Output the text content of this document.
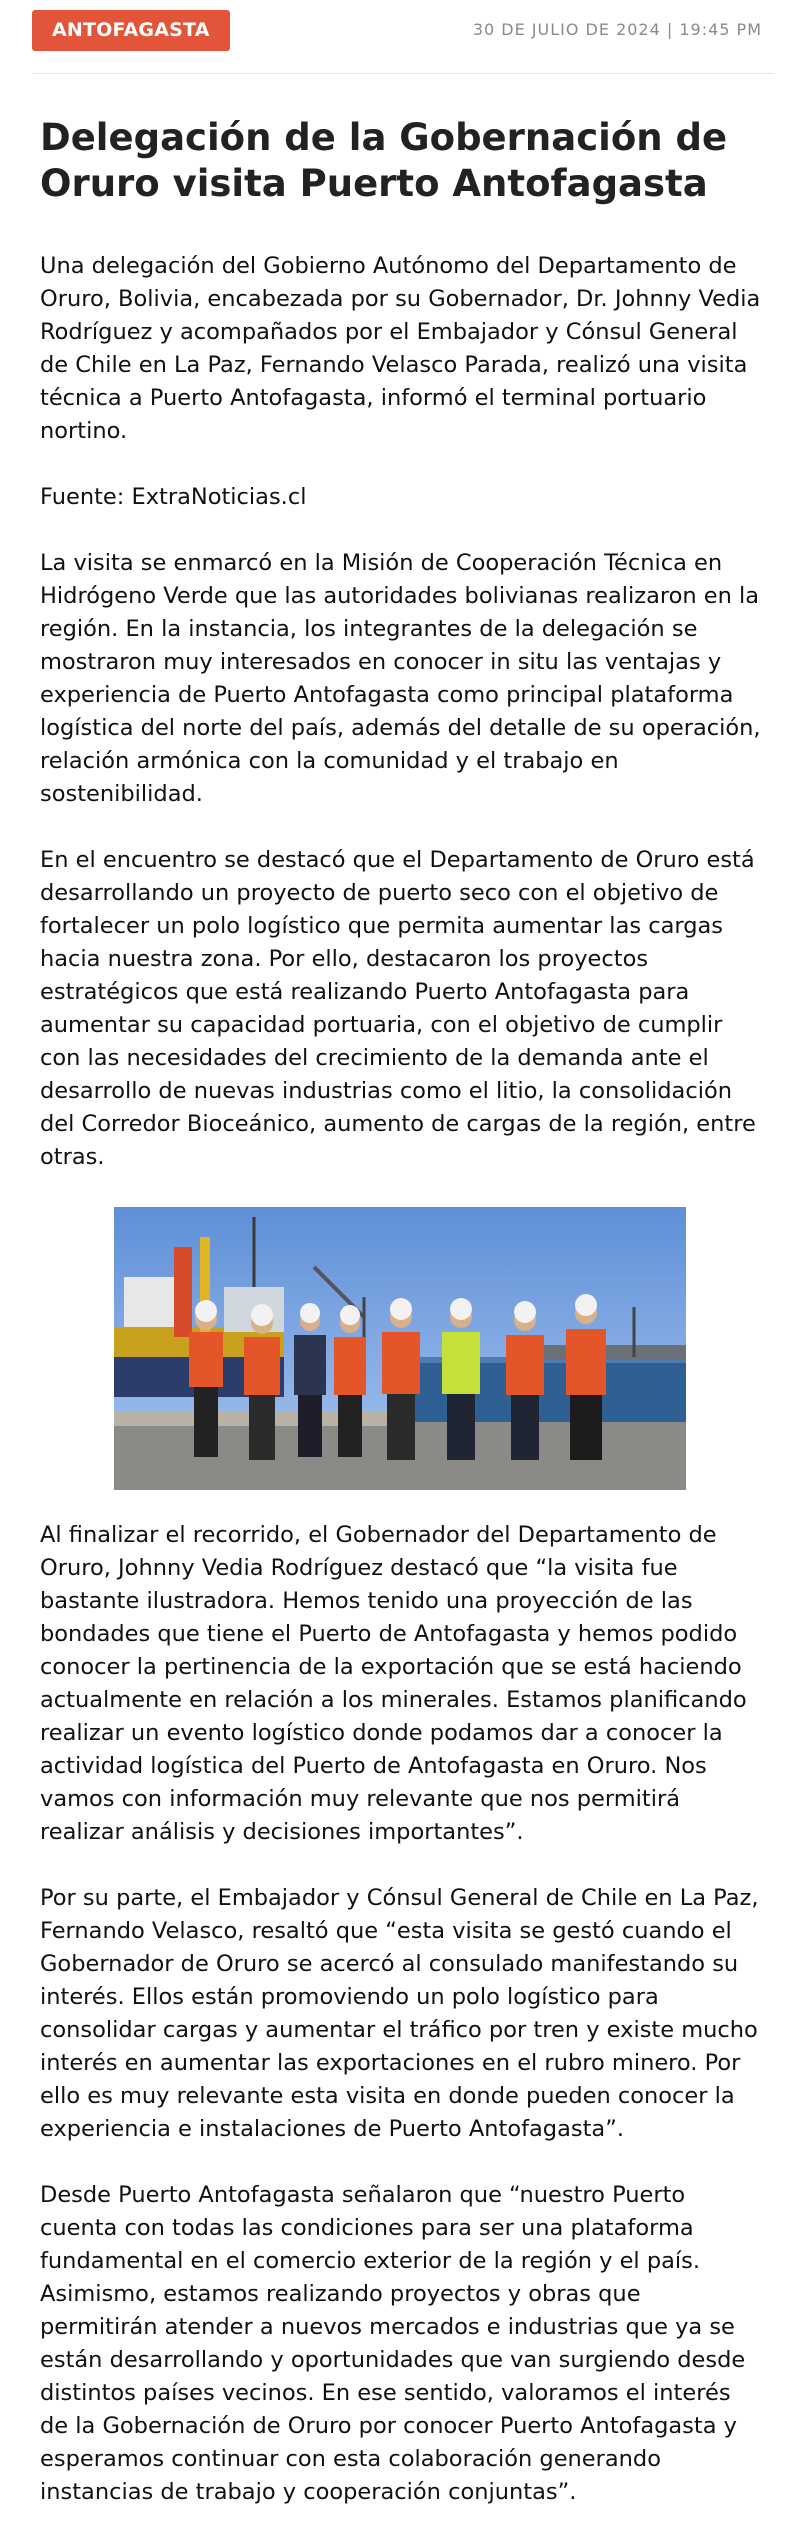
ANTOFAGASTA	30 DE JULIO DE 2024 | 19:45 PM
Delegación de la Gobernación de Oruro visita Puerto Antofagasta

Una delegación del Gobierno Autónomo del Departamento de Oruro, Bolivia, encabezada por su Gobernador, Dr. Johnny Vedia Rodríguez y acompañados por el Embajador y Cónsul General de Chile en La Paz, Fernando Velasco Parada, realizó una visita técnica a Puerto Antofagasta, informó el terminal portuario nortino.

Fuente: ExtraNoticias.cl

La visita se enmarcó en la Misión de Cooperación Técnica en Hidrógeno Verde que las autoridades bolivianas realizaron en la región. En la instancia, los integrantes de la delegación se mostraron muy interesados en conocer in situ las ventajas y experiencia de Puerto Antofagasta como principal plataforma logística del norte del país, además del detalle de su operación, relación armónica con la comunidad y el trabajo en sostenibilidad.

En el encuentro se destacó que el Departamento de Oruro está desarrollando un proyecto de puerto seco con el objetivo de fortalecer un polo logístico que permita aumentar las cargas hacia nuestra zona. Por ello, destacaron los proyectos estratégicos que está realizando Puerto Antofagasta para aumentar su capacidad portuaria, con el objetivo de cumplir con las necesidades del crecimiento de la demanda ante el desarrollo de nuevas industrias como el litio, la consolidación del Corredor Bioceánico, aumento de cargas de la región, entre otras.

Al finalizar el recorrido, el Gobernador del Departamento de Oruro, Johnny Vedia Rodríguez destacó que “la visita fue bastante ilustradora. Hemos tenido una proyección de las bondades que tiene el Puerto de Antofagasta y hemos podido conocer la pertinencia de la exportación que se está haciendo actualmente en relación a los minerales. Estamos planificando realizar un evento logístico donde podamos dar a conocer la actividad logística del Puerto de Antofagasta en Oruro. Nos vamos con información muy relevante que nos permitirá realizar análisis y decisiones importantes”.

Por su parte, el Embajador y Cónsul General de Chile en La Paz, Fernando Velasco, resaltó que “esta visita se gestó cuando el Gobernador de Oruro se acercó al consulado manifestando su interés. Ellos están promoviendo un polo logístico para consolidar cargas y aumentar el tráfico por tren y existe mucho interés en aumentar las exportaciones en el rubro minero. Por ello es muy relevante esta visita en donde pueden conocer la experiencia e instalaciones de Puerto Antofagasta”.

Desde Puerto Antofagasta señalaron que “nuestro Puerto cuenta con todas las condiciones para ser una plataforma fundamental en el comercio exterior de la región y el país. Asimismo, estamos realizando proyectos y obras que permitirán atender a nuevos mercados e industrias que ya se están desarrollando y oportunidades que van surgiendo desde distintos países vecinos. En ese sentido, valoramos el interés de la Gobernación de Oruro por conocer Puerto Antofagasta y esperamos continuar con esta colaboración generando instancias de trabajo y cooperación conjuntas”.
